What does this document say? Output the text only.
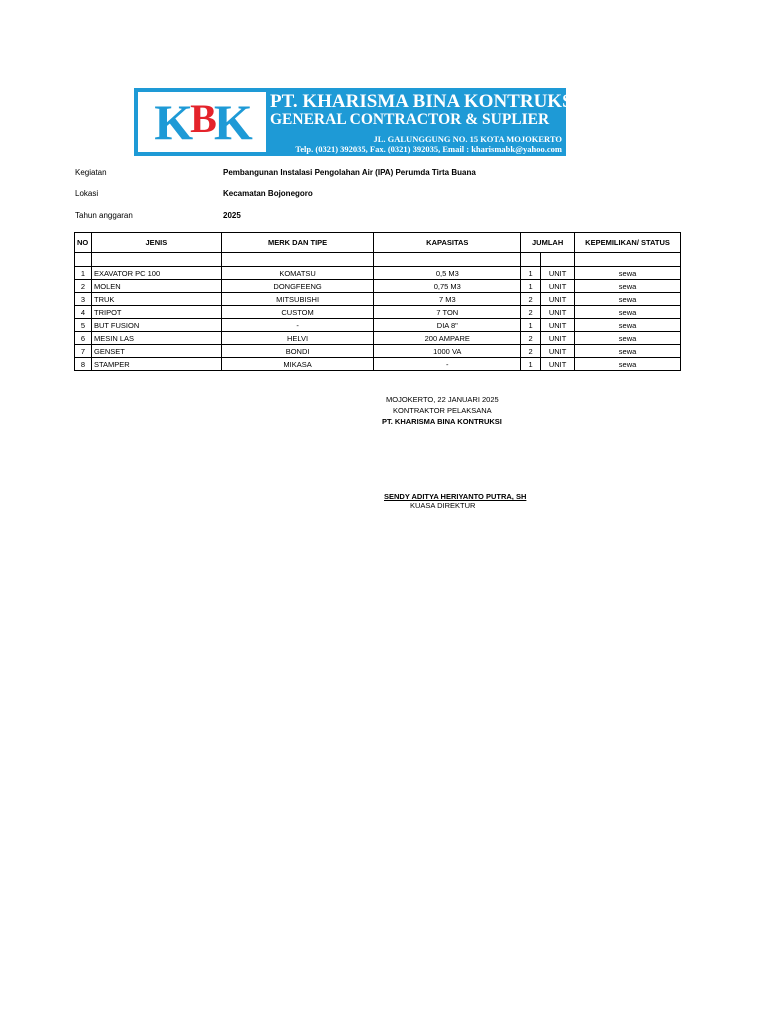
K B K PT. KHARISMA BINA KONTRUKSI
GENERAL CONTRACTOR & SUPLIER
JL. GALUNGGUNG NO. 15 KOTA MOJOKERTO
Telp. (0321) 392035, Fax. (0321) 392035, Email : kharismabk@yahoo.com
Kegiatan	Pembangunan Instalasi Pengolahan Air (IPA) Perumda Tirta Buana
Lokasi	Kecamatan Bojonegoro
Tahun anggaran	2025
NO	JENIS	MERK DAN TIPE	KAPASITAS	JUMLAH		KEPEMILIKAN/ STATUS

1	EXAVATOR PC 100	KOMATSU	0,5 M3	1	UNIT	sewa
2	MOLEN	DONGFEENG	0,75 M3	1	UNIT	sewa
3	TRUK	MITSUBISHI	7 M3	2	UNIT	sewa
4	TRIPOT	CUSTOM	7 TON	2	UNIT	sewa
5	BUT FUSION	-	DIA 8"	1	UNIT	sewa
6	MESIN LAS	HELVI	200 AMPARE	2	UNIT	sewa
7	GENSET	BONDI	1000 VA	2	UNIT	sewa
8	STAMPER	MIKASA	-	1	UNIT	sewa
MOJOKERTO, 22 JANUARI 2025
KONTRAKTOR PELAKSANA
PT. KHARISMA BINA KONTRUKSI
SENDY ADITYA HERIYANTO PUTRA, SH
KUASA DIREKTUR
